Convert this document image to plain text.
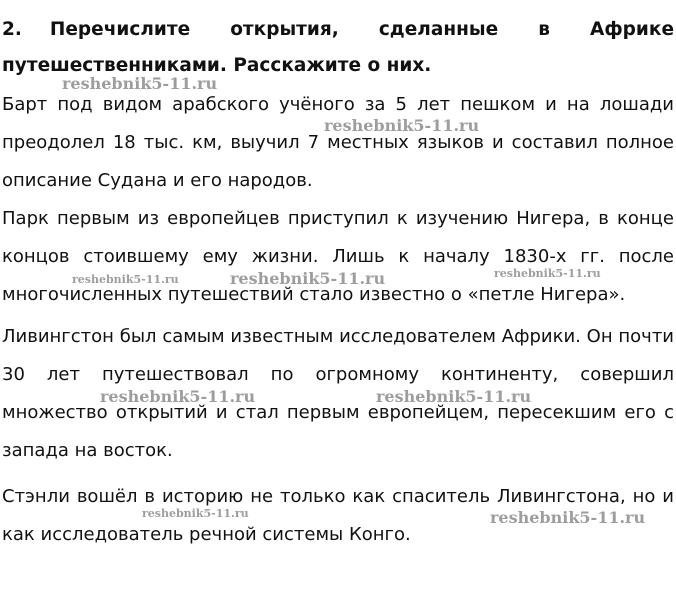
2. Перечислите открытия, сделанные в Африке путешественниками. Расскажите о них.

Барт под видом арабского учёного за 5 лет пешком и на лошади преодолел 18 тыс. км, выучил 7 местных языков и составил полное описание Судана и его народов.

Парк первым из европейцев приступил к изучению Нигера, в конце концов стоившему ему жизни. Лишь к началу 1830-х гг. после многочисленных путешествий стало известно о «петле Нигера».

Ливингстон был самым известным исследователем Африки. Он почти 30 лет путешествовал по огромному континенту, совершил множество открытий и стал первым европейцем, пересекшим его с запада на восток.

Стэнли вошёл в историю не только как спаситель Ливингстона, но и как исследователь речной системы Конго.

reshebnik5-11.ru
reshebnik5-11.ru
reshebnik5-11.ru	reshebnik5-11.ru	reshebnik5-11.ru
reshebnik5-11.ru	reshebnik5-11.ru
reshebnik5-11.ru	reshebnik5-11.ru
